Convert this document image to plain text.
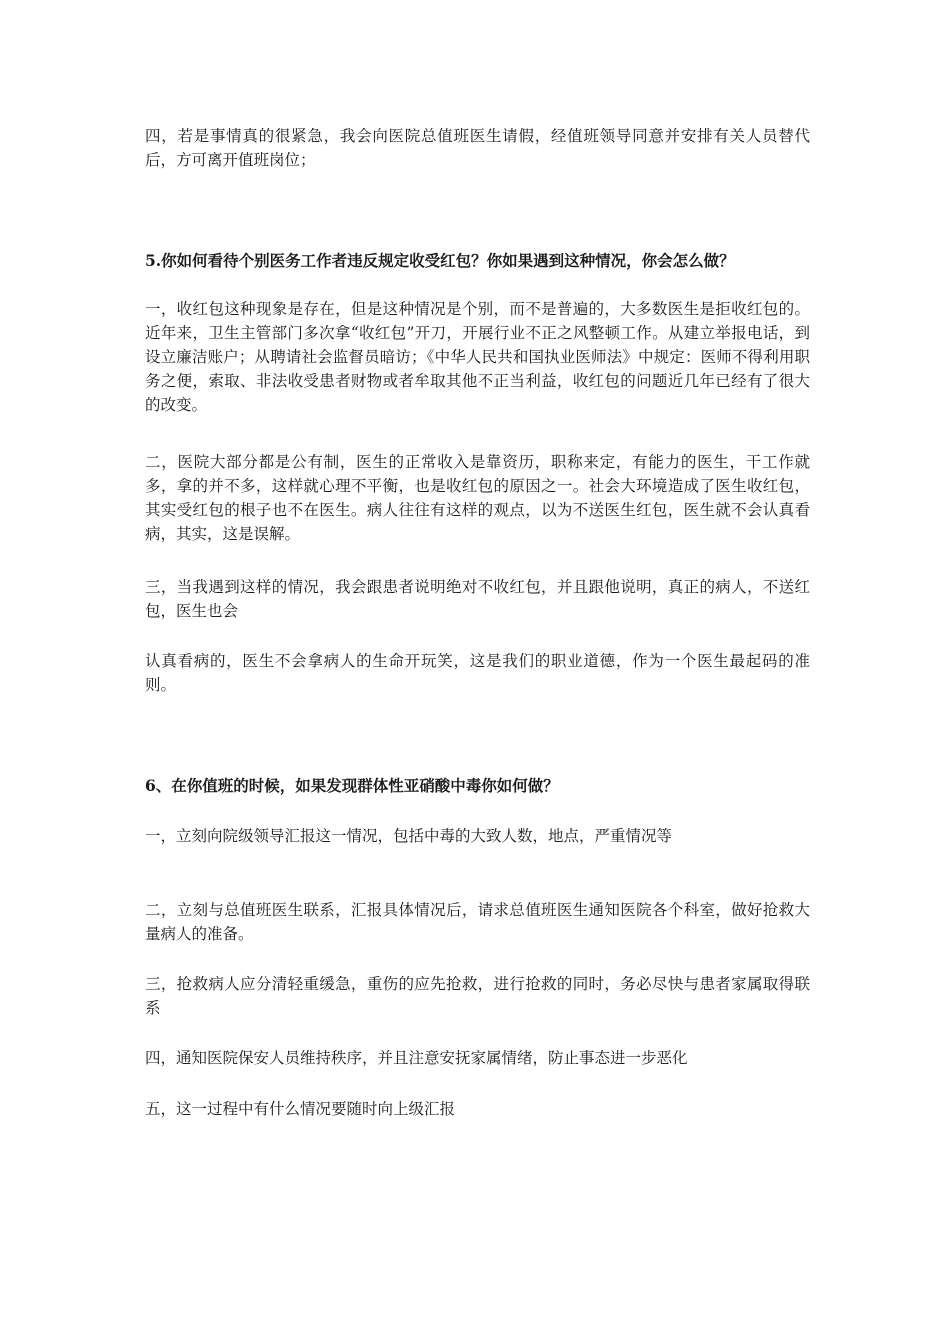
四，若是事情真的很紧急，我会向医院总值班医生请假，经值班领导同意并安排有关人员替代后，方可离开值班岗位；

5.你如何看待个别医务工作者违反规定收受红包？你如果遇到这种情况，你会怎么做？

一，收红包这种现象是存在，但是这种情况是个别，而不是普遍的，大多数医生是拒收红包的。近年来，卫生主管部门多次拿“收红包”开刀，开展行业不正之风整顿工作。从建立举报电话，到设立廉洁账户；从聘请社会监督员暗访；《中华人民共和国执业医师法》中规定：医师不得利用职务之便，索取、非法收受患者财物或者牟取其他不正当利益，收红包的问题近几年已经有了很大的改变。

二，医院大部分都是公有制，医生的正常收入是靠资历，职称来定，有能力的医生，干工作就多，拿的并不多，这样就心理不平衡，也是收红包的原因之一。社会大环境造成了医生收红包，其实受红包的根子也不在医生。病人往往有这样的观点，以为不送医生红包，医生就不会认真看病，其实，这是误解。

三，当我遇到这样的情况，我会跟患者说明绝对不收红包，并且跟他说明，真正的病人，不送红包，医生也会

认真看病的，医生不会拿病人的生命开玩笑，这是我们的职业道德，作为一个医生最起码的准则。

6、在你值班的时候，如果发现群体性亚硝酸中毒你如何做？

一，立刻向院级领导汇报这一情况，包括中毒的大致人数，地点，严重情况等

二，立刻与总值班医生联系，汇报具体情况后，请求总值班医生通知医院各个科室，做好抢救大量病人的准备。

三，抢救病人应分清轻重缓急，重伤的应先抢救，进行抢救的同时，务必尽快与患者家属取得联系

四，通知医院保安人员维持秩序，并且注意安抚家属情绪，防止事态进一步恶化

五，这一过程中有什么情况要随时向上级汇报
